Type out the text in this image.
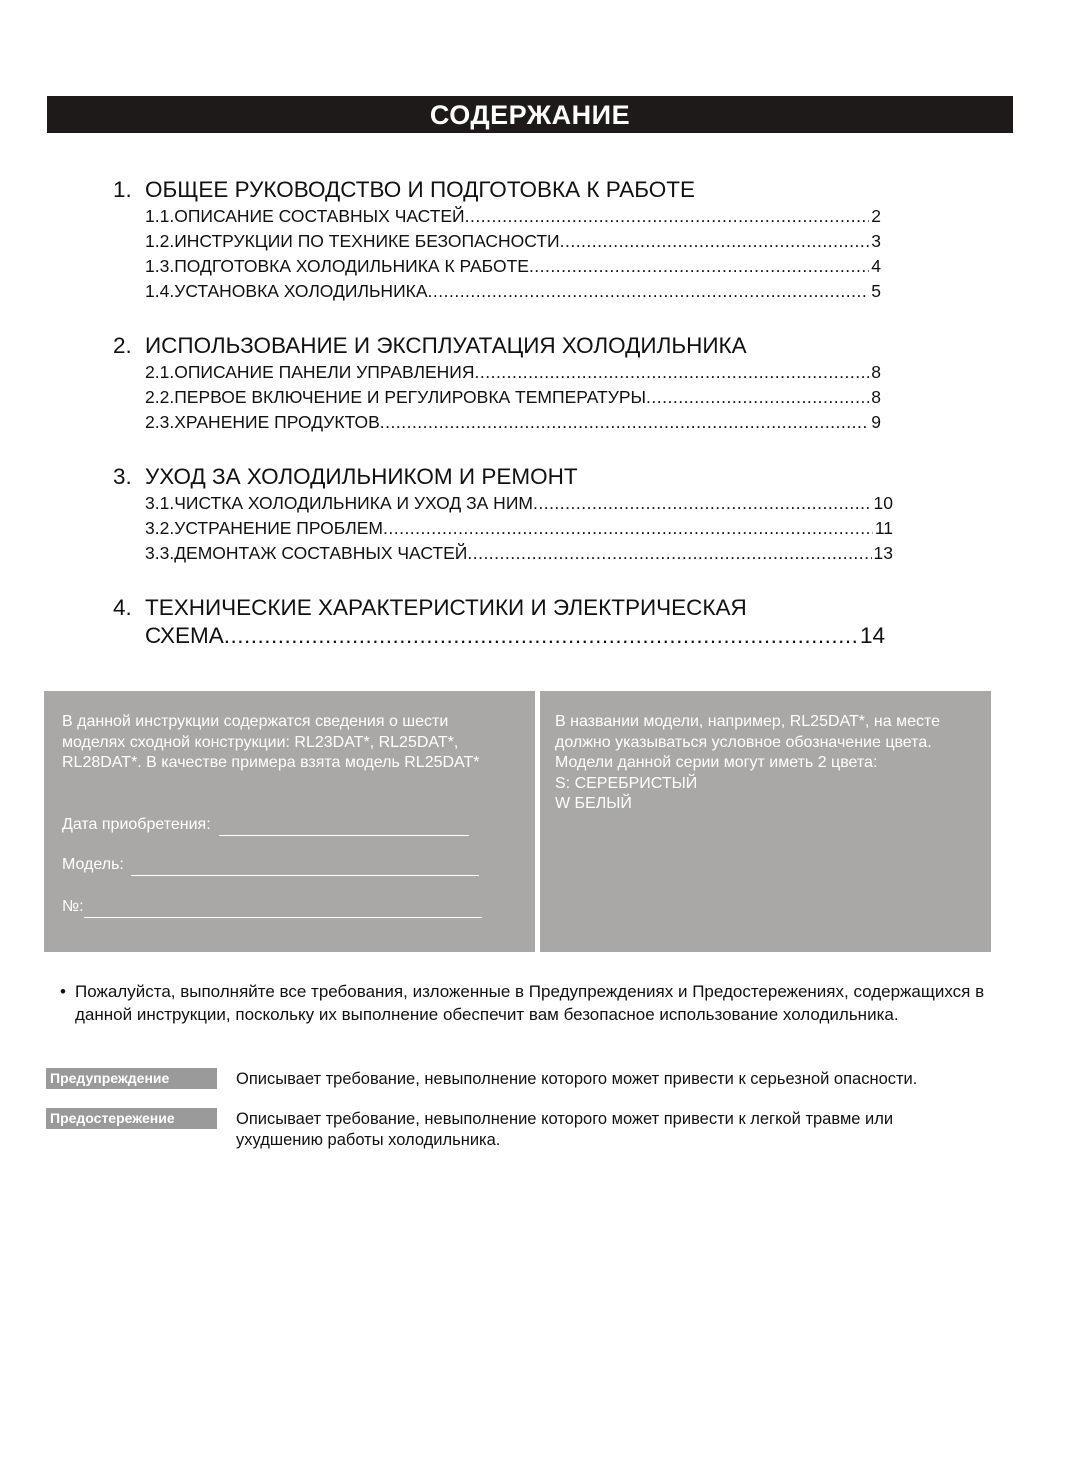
СОДЕРЖАНИЕ
1. ОБЩЕЕ РУКОВОДСТВО И ПОДГОТОВКА К РАБОТЕ
1.1. ОПИСАНИЕ СОСТАВНЫХ ЧАСТЕЙ .....	2
1.2. ИНСТРУКЦИИ ПО ТЕХНИКЕ БЕЗОПАСНОСТИ .....	3
1.3. ПОДГОТОВКА ХОЛОДИЛЬНИКА К РАБОТЕ .....	4
1.4. УСТАНОВКА ХОЛОДИЛЬНИКА .....	5
2. ИСПОЛЬЗОВАНИЕ И ЭКСПЛУАТАЦИЯ ХОЛОДИЛЬНИКА
2.1. ОПИСАНИЕ ПАНЕЛИ УПРАВЛЕНИЯ .....	8
2.2. ПЕРВОЕ ВКЛЮЧЕНИЕ И РЕГУЛИРОВКА ТЕМПЕРАТУРЫ .....	8
2.3. ХРАНЕНИЕ ПРОДУКТОВ .....	9
3. УХОД ЗА ХОЛОДИЛЬНИКОМ И РЕМОНТ
3.1. ЧИСТКА ХОЛОДИЛЬНИКА И УХОД ЗА НИМ .....	10
3.2. УСТРАНЕНИЕ ПРОБЛЕМ .....	11
3.3. ДЕМОНТАЖ СОСТАВНЫХ ЧАСТЕЙ .....	13
4. ТЕХНИЧЕСКИЕ ХАРАКТЕРИСТИКИ И ЭЛЕКТРИЧЕСКАЯ
СХЕМА .....	14
В данной инструкции содержатся сведения о шести
моделях сходной конструкции: RL23DAT*, RL25DAT*,
RL28DAT*. В качестве примера взята модель RL25DAT*
Дата приобретения:
Модель:
№:
В названии модели, например, RL25DAT*, на месте
должно указываться условное обозначение цвета.
Модели данной серии могут иметь 2 цвета:
S: СЕРЕБРИСТЫЙ
W БЕЛЫЙ
• Пожалуйста, выполняйте все требования, изложенные в Предупреждениях и Предостережениях, содержащихся в данной инструкции, поскольку их выполнение обеспечит вам безопасное использование холодильника.
Предупреждение	Описывает требование, невыполнение которого может привести к серьезной опасности.
Предостережение	Описывает требование, невыполнение которого может привести к легкой травме или ухудшению работы холодильника.
